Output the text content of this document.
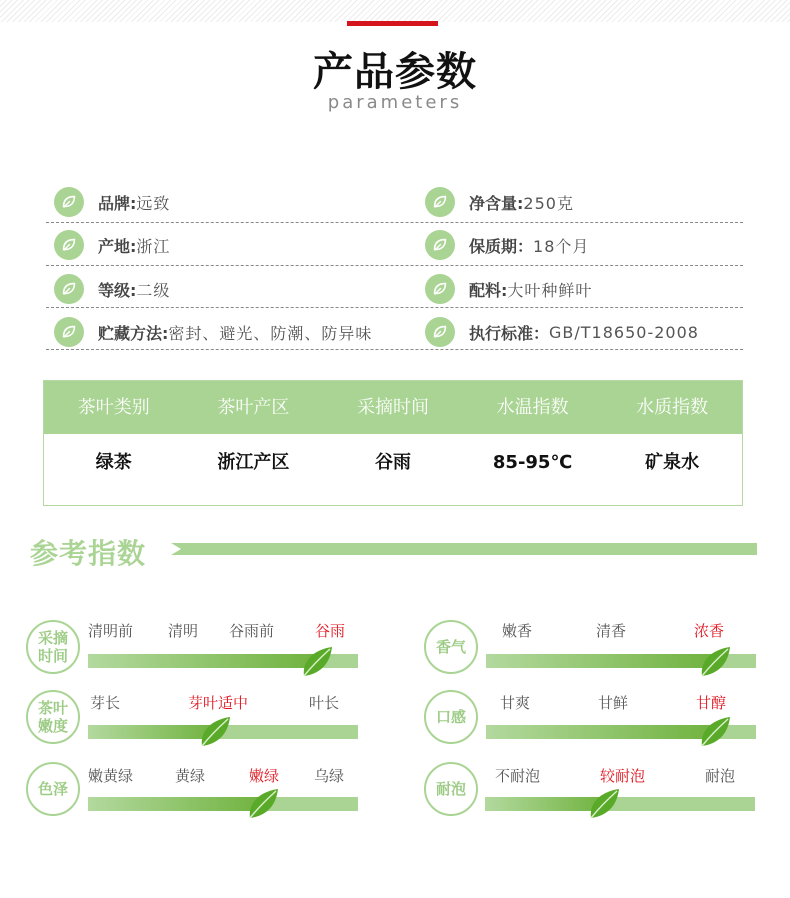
产品参数
parameters
品牌: 远致	净含量: 250克
产地: 浙江	保质期： 18个月
等级: 二级	配料: 大叶种鲜叶
贮藏方法: 密封、避光、防潮、防异味	执行标准： GB/T18650-2008
茶叶类别	茶叶产区	采摘时间	水温指数	水质指数
绿茶	浙江产区	谷雨	85-95℃	矿泉水
参考指数
采摘时间
清明前 清明 谷雨前	谷雨
香气
嫩香	清香	浓香
茶叶嫩度
芽长	芽叶适中	叶长
口感
甘爽	甘鲜	甘醇
色泽
嫩黄绿	黄绿	嫩绿 乌绿
耐泡
不耐泡	较耐泡	耐泡
